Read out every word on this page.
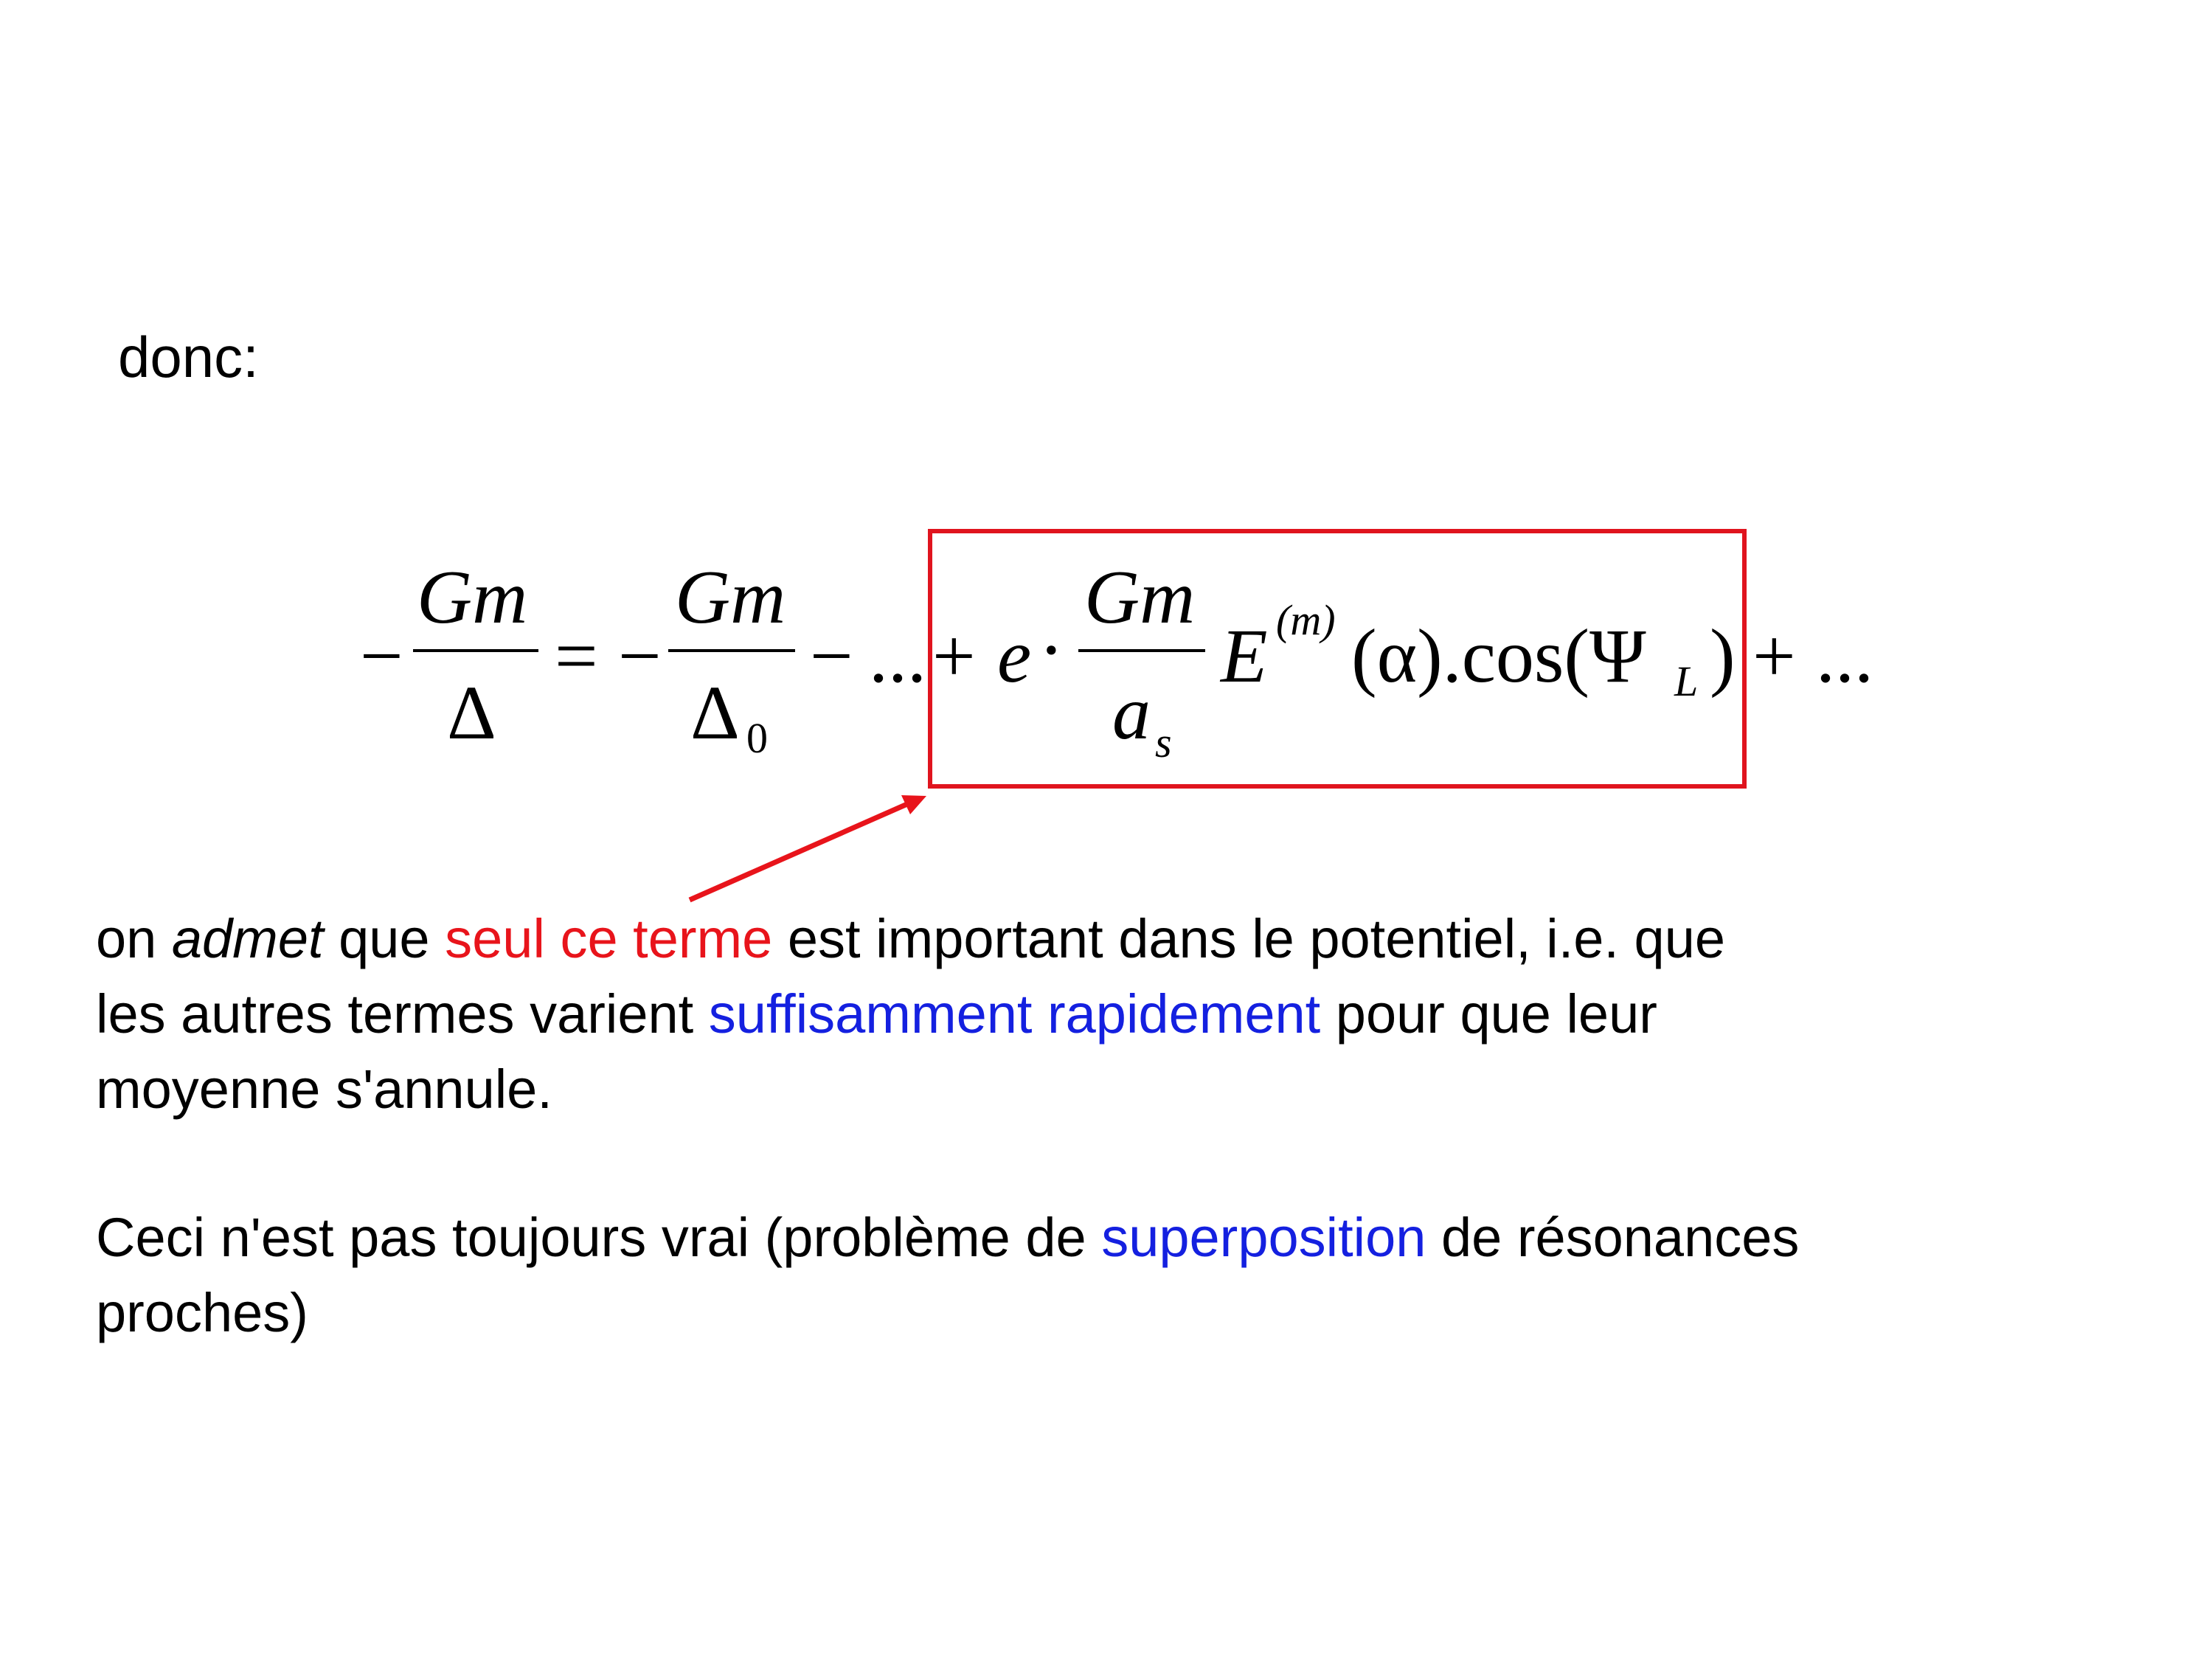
donc:
−
Gm
Δ
= −
Gm
Δ 0
− ... + e ·
Gm
a s
E (m) (α).cos(Ψ L ) + ...
on admet que seul ce terme est important dans le potentiel, i.e. que
les autres termes varient suffisamment rapidement pour que leur
moyenne s'annule.
Ceci n'est pas toujours vrai (problème de superposition de résonances
proches)
